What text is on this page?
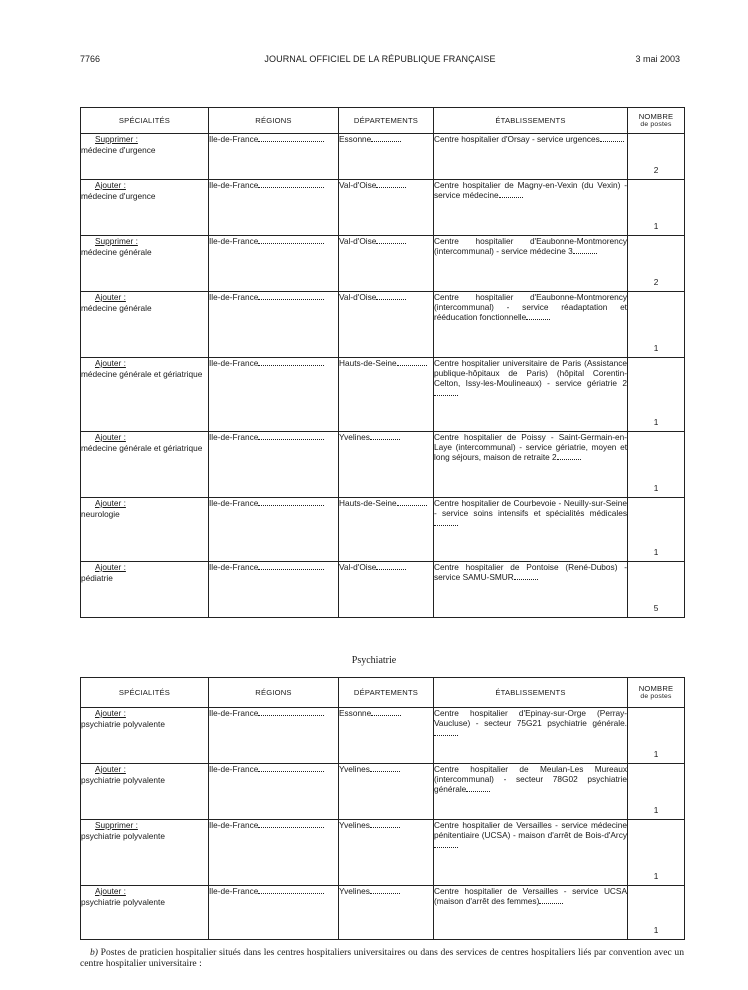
7766	JOURNAL OFFICIEL DE LA RÉPUBLIQUE FRANÇAISE	3 mai 2003
SPÉCIALITÉS	RÉGIONS	DÉPARTEMENTS	ÉTABLISSEMENTS	NOMBRE
de postes

Supprimer :
médecine d'urgence	Ile-de-France	Essonne	Centre hospitalier d'Orsay - service urgences	2

Ajouter :
médecine d'urgence	Ile-de-France	Val-d'Oise	Centre hospitalier de Magny-en-Vexin (du Vexin) - service médecine	1

Supprimer :
médecine générale	Ile-de-France	Val-d'Oise	Centre hospitalier d'Eaubonne-Montmorency (intercommunal) - service médecine 3	2

Ajouter :
médecine générale	Ile-de-France	Val-d'Oise	Centre hospitalier d'Eaubonne-Montmorency (intercommunal) - service réadaptation et rééducation fonctionnelle	1

Ajouter :
médecine générale et gériatrique	Ile-de-France	Hauts-de-Seine	Centre hospitalier universitaire de Paris (Assistance publique-hôpitaux de Paris) (hôpital Corentin-Celton, Issy-les-Moulineaux) - service gériatrie 2	1

Ajouter :
médecine générale et gériatrique	Ile-de-France	Yvelines	Centre hospitalier de Poissy - Saint-Germain-en-Laye (intercommunal) - service gériatrie, moyen et long séjours, maison de retraite 2	1

Ajouter :
neurologie	Ile-de-France	Hauts-de-Seine	Centre hospitalier de Courbevoie - Neuilly-sur-Seine - service soins intensifs et spécialités médicales	1

Ajouter :
pédiatrie	Ile-de-France	Val-d'Oise	Centre hospitalier de Pontoise (René-Dubos) - service SAMU-SMUR	5
Psychiatrie
SPÉCIALITÉS	RÉGIONS	DÉPARTEMENTS	ÉTABLISSEMENTS	NOMBRE
de postes

Ajouter :
psychiatrie polyvalente	Ile-de-France	Essonne	Centre hospitalier d'Epinay-sur-Orge (Perray-Vaucluse) - secteur 75G21 psychiatrie générale.	1

Ajouter :
psychiatrie polyvalente	Ile-de-France	Yvelines	Centre hospitalier de Meulan-Les Mureaux (intercommunal) - secteur 78G02 psychiatrie générale	1

Supprimer :
psychiatrie polyvalente	Ile-de-France	Yvelines	Centre hospitalier de Versailles - service médecine pénitentiaire (UCSA) - maison d'arrêt de Bois-d'Arcy	1

Ajouter :
psychiatrie polyvalente	Ile-de-France	Yvelines	Centre hospitalier de Versailles - service UCSA (maison d'arrêt des femmes)	1
b) Postes de praticien hospitalier situés dans les centres hospitaliers universitaires ou dans des services de centres hospitaliers liés par convention avec un centre hospitalier universitaire :
